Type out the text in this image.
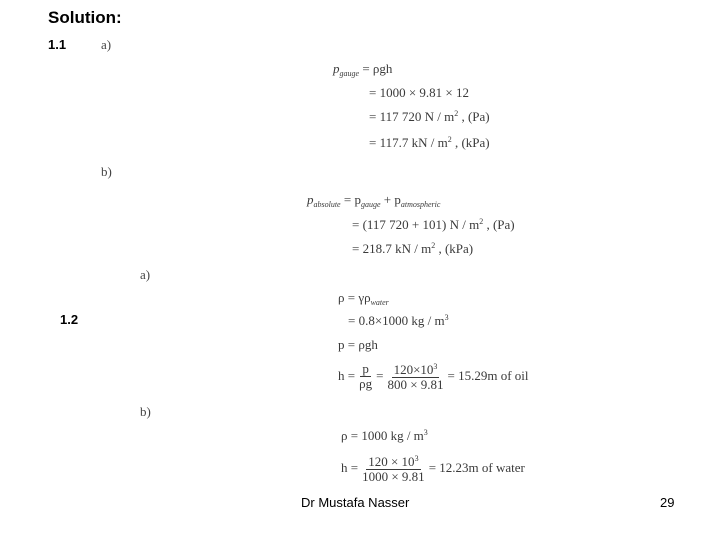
Solution:
1.1	a)
$p_{gauge} = \rho gh$
= 1000 × 9.81 × 12
= 117 720 N / $m^2$ , (Pa)
= 117.7 kN / $m^2$ , (kPa)
b)
$p_{absolute} = p_{gauge} + p_{atmospheric}$
= (117 720 + 101) N / $m^2$ , (Pa)
= 218.7 kN / $m^2$ , (kPa)
a)
$\rho = \gamma\rho_{water}$
1.2	= 0.8×1000 kg / $m^3$
p = ρgh
$h = \frac{p}{\rho g} = \frac{120\times 10^3}{800 \times 9.81} = 15.29m$ of oil
b)
ρ = 1000 kg / $m^3$
$h = \frac{120 \times 10^3}{1000 \times 9.81} = 12.23m$ of water
Dr Mustafa Nasser	29
